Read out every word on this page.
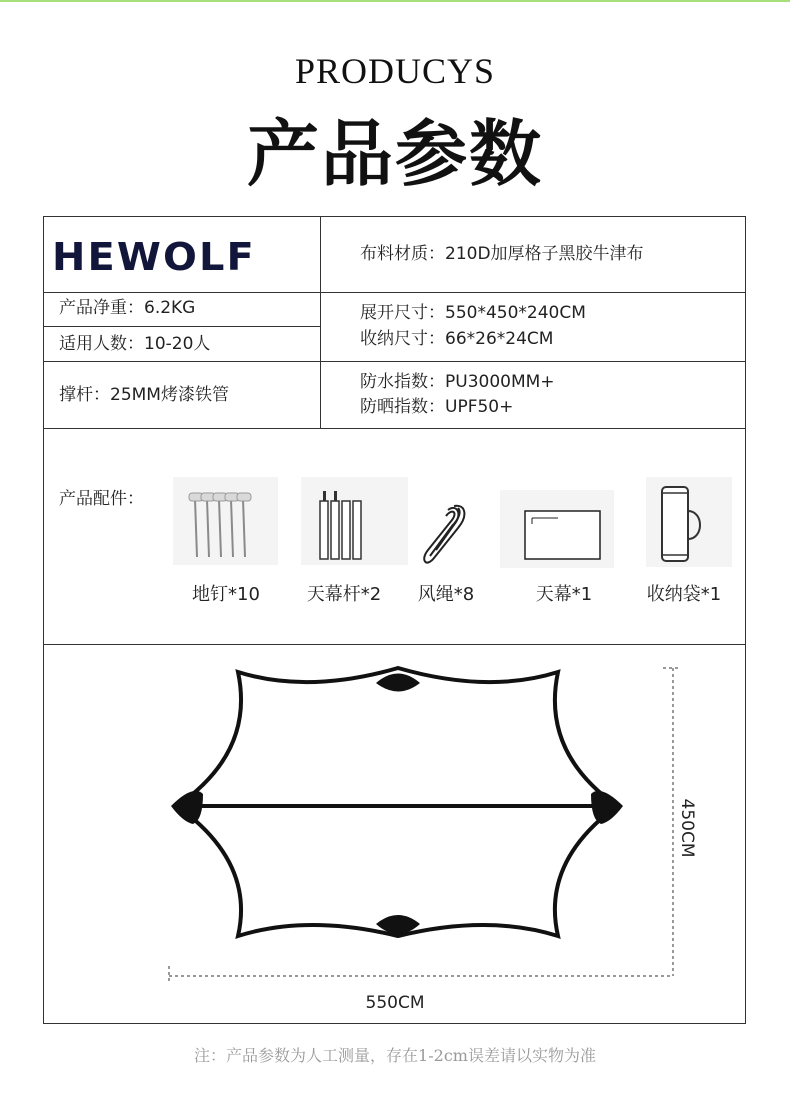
PRODUCYS
产品参数
HEWOLF	布料材质：210D加厚格子黑胶牛津布
产品净重：6.2KG
适用人数：10-20人
展开尺寸：550*450*240CM
收纳尺寸：66*26*24CM
撑杆：25MM烤漆铁管
防水指数：PU3000MM+
防晒指数：UPF50+
产品配件：
地钉*10	天幕杆*2	风绳*8	天幕*1	收纳袋*1
550CM
450CM
注：产品参数为人工测量，存在1-2cm误差请以实物为准
